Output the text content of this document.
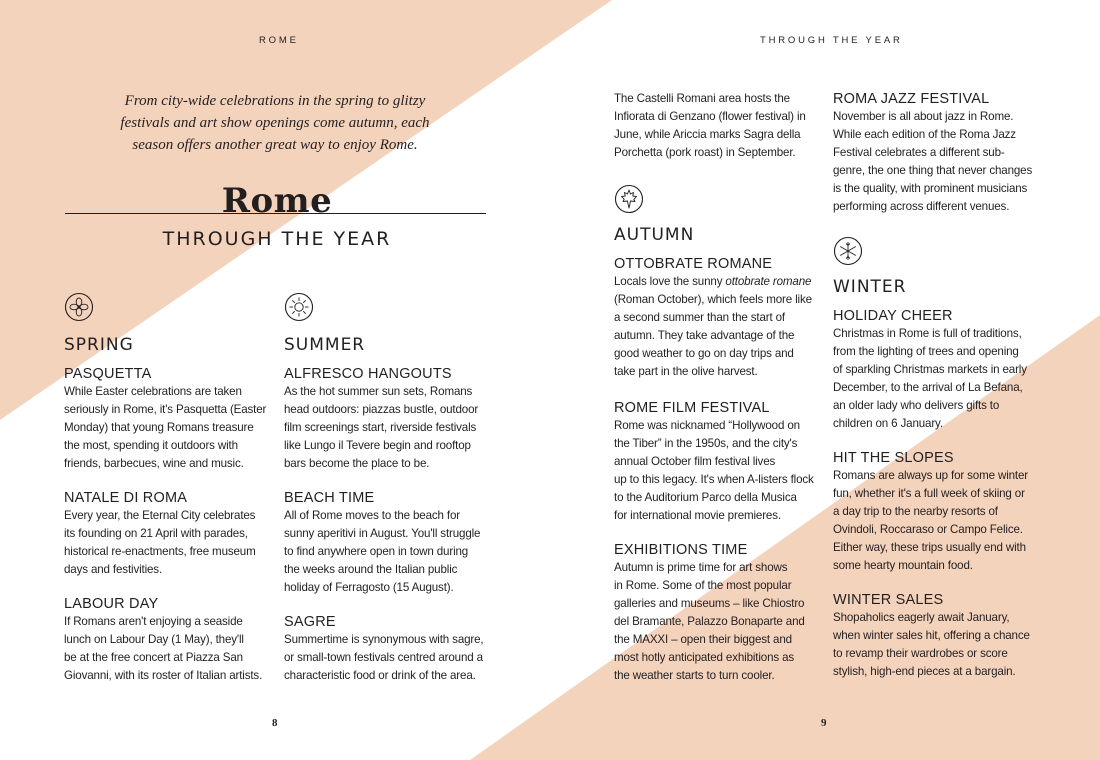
ROME	THROUGH THE YEAR
From city-wide celebrations in the spring to glitzy
festivals and art show openings come autumn, each
season offers another great way to enjoy Rome.
Rome
THROUGH THE YEAR
SPRING
PASQUETTA
While Easter celebrations are taken
seriously in Rome, it's Pasquetta (Easter
Monday) that young Romans treasure
the most, spending it outdoors with
friends, barbecues, wine and music.
NATALE DI ROMA
Every year, the Eternal City celebrates
its founding on 21 April with parades,
historical re-enactments, free museum
days and festivities.
LABOUR DAY
If Romans aren't enjoying a seaside
lunch on Labour Day (1 May), they'll
be at the free concert at Piazza San
Giovanni, with its roster of Italian artists.
SUMMER
ALFRESCO HANGOUTS
As the hot summer sun sets, Romans
head outdoors: piazzas bustle, outdoor
film screenings start, riverside festivals
like Lungo il Tevere begin and rooftop
bars become the place to be.
BEACH TIME
All of Rome moves to the beach for
sunny aperitivi in August. You'll struggle
to find anywhere open in town during
the weeks around the Italian public
holiday of Ferragosto (15 August).
SAGRE
Summertime is synonymous with sagre,
or small-town festivals centred around a
characteristic food or drink of the area.
The Castelli Romani area hosts the
Infiorata di Genzano (flower festival) in
June, while Ariccia marks Sagra della
Porchetta (pork roast) in September.
AUTUMN
OTTOBRATE ROMANE
Locals love the sunny ottobrate romane
(Roman October), which feels more like
a second summer than the start of
autumn. They take advantage of the
good weather to go on day trips and
take part in the olive harvest.
ROME FILM FESTIVAL
Rome was nicknamed “Hollywood on
the Tiber” in the 1950s, and the city's
annual October film festival lives
up to this legacy. It's when A-listers flock
to the Auditorium Parco della Musica
for international movie premieres.
EXHIBITIONS TIME
Autumn is prime time for art shows
in Rome. Some of the most popular
galleries and museums – like Chiostro
del Bramante, Palazzo Bonaparte and
the MAXXI – open their biggest and
most hotly anticipated exhibitions as
the weather starts to turn cooler.
ROMA JAZZ FESTIVAL
November is all about jazz in Rome.
While each edition of the Roma Jazz
Festival celebrates a different sub-
genre, the one thing that never changes
is the quality, with prominent musicians
performing across different venues.
WINTER
HOLIDAY CHEER
Christmas in Rome is full of traditions,
from the lighting of trees and opening
of sparkling Christmas markets in early
December, to the arrival of La Befana,
an older lady who delivers gifts to
children on 6 January.
HIT THE SLOPES
Romans are always up for some winter
fun, whether it's a full week of skiing or
a day trip to the nearby resorts of
Ovindoli, Roccaraso or Campo Felice.
Either way, these trips usually end with
some hearty mountain food.
WINTER SALES
Shopaholics eagerly await January,
when winter sales hit, offering a chance
to revamp their wardrobes or score
stylish, high-end pieces at a bargain.
8	9
